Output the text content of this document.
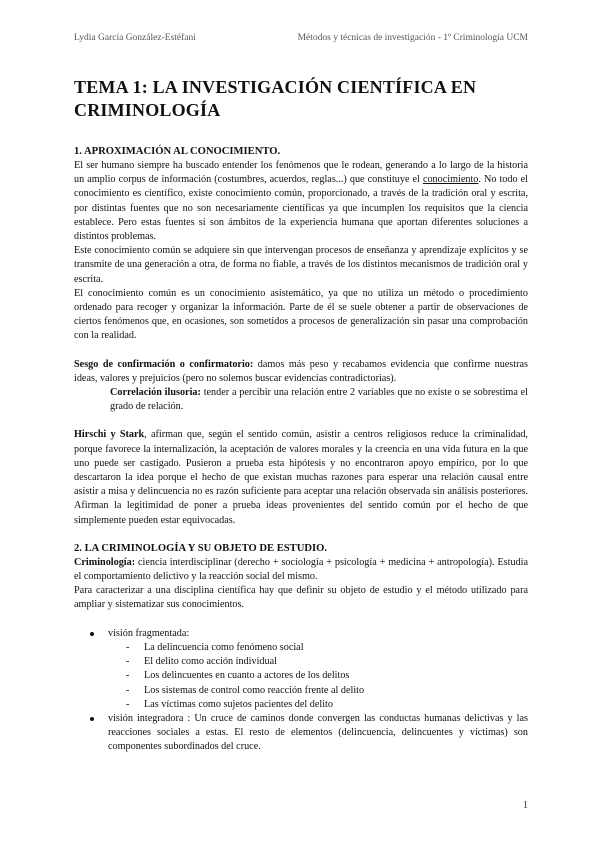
Lydia García González-Estéfani	Métodos y técnicas de investigación - 1º Criminología UCM
TEMA 1: LA INVESTIGACIÓN CIENTÍFICA EN CRIMINOLOGÍA
1. APROXIMACIÓN AL CONOCIMIENTO.

El ser humano siempre ha buscado entender los fenómenos que le rodean, generando a lo largo de la historia un amplio corpus de información (costumbres, acuerdos, reglas...) que constituye el conocimiento. No todo el conocimiento es científico, existe conocimiento común, proporcionado, a través de la tradición oral y escrita, por distintas fuentes que no son necesariamente científicas ya que incumplen los requisitos que la ciencia establece. Pero estas fuentes sí son ámbitos de la experiencia humana que aportan diferentes soluciones a distintos problemas.

Este conocimiento común se adquiere sin que intervengan procesos de enseñanza y aprendizaje explícitos y se transmite de una generación a otra, de forma no fiable, a través de los distintos mecanismos de tradición oral y escrita.

El conocimiento común es un conocimiento asistemático, ya que no utiliza un método o procedimiento ordenado para recoger y organizar la información. Parte de él se suele obtener a partir de observaciones de ciertos fenómenos que, en ocasiones, son sometidos a procesos de generalización sin pasar una comprobación con la realidad.

Sesgo de confirmación o confirmatorio: damos más peso y recabamos evidencia que confirme nuestras ideas, valores y prejuicios (pero no solemos buscar evidencias contradictorias).

Correlación ilusoria: tender a percibir una relación entre 2 variables que no existe o se sobrestima el grado de relación.

Hirschi y Stark, afirman que, según el sentido común, asistir a centros religiosos reduce la criminalidad, porque favorece la internalización, la aceptación de valores morales y la creencia en una vida futura en la que uno puede ser castigado. Pusieron a prueba esta hipótesis y no encontraron apoyo empírico, por lo que descartaron la idea porque el hecho de que existan muchas razones para esperar una relación causal entre asistir a misa y delincuencia no es razón suficiente para aceptar una relación observada sin análisis posteriores. Afirman la legitimidad de poner a prueba ideas provenientes del sentido común por el hecho de que simplemente pueden estar equivocadas.

2. LA CRIMINOLOGÍA Y SU OBJETO DE ESTUDIO.

Criminología: ciencia interdisciplinar (derecho + sociología + psicología + medicina + antropología). Estudia el comportamiento delictivo y la reacción social del mismo.

Para caracterizar a una disciplina científica hay que definir su objeto de estudio y el método utilizado para ampliar y sistematizar sus conocimientos.

visión fragmentada:
- La delincuencia como fenómeno social
- El delito como acción individual
- Los delincuentes en cuanto a actores de los delitos
- Los sistemas de control como reacción frente al delito
- Las víctimas como sujetos pacientes del delito
visión integradora : Un cruce de caminos donde convergen las conductas humanas delictivas y las reacciones sociales a estas. El resto de elementos (delincuencia, delincuentes y víctimas) son componentes subordinados del cruce.
1
